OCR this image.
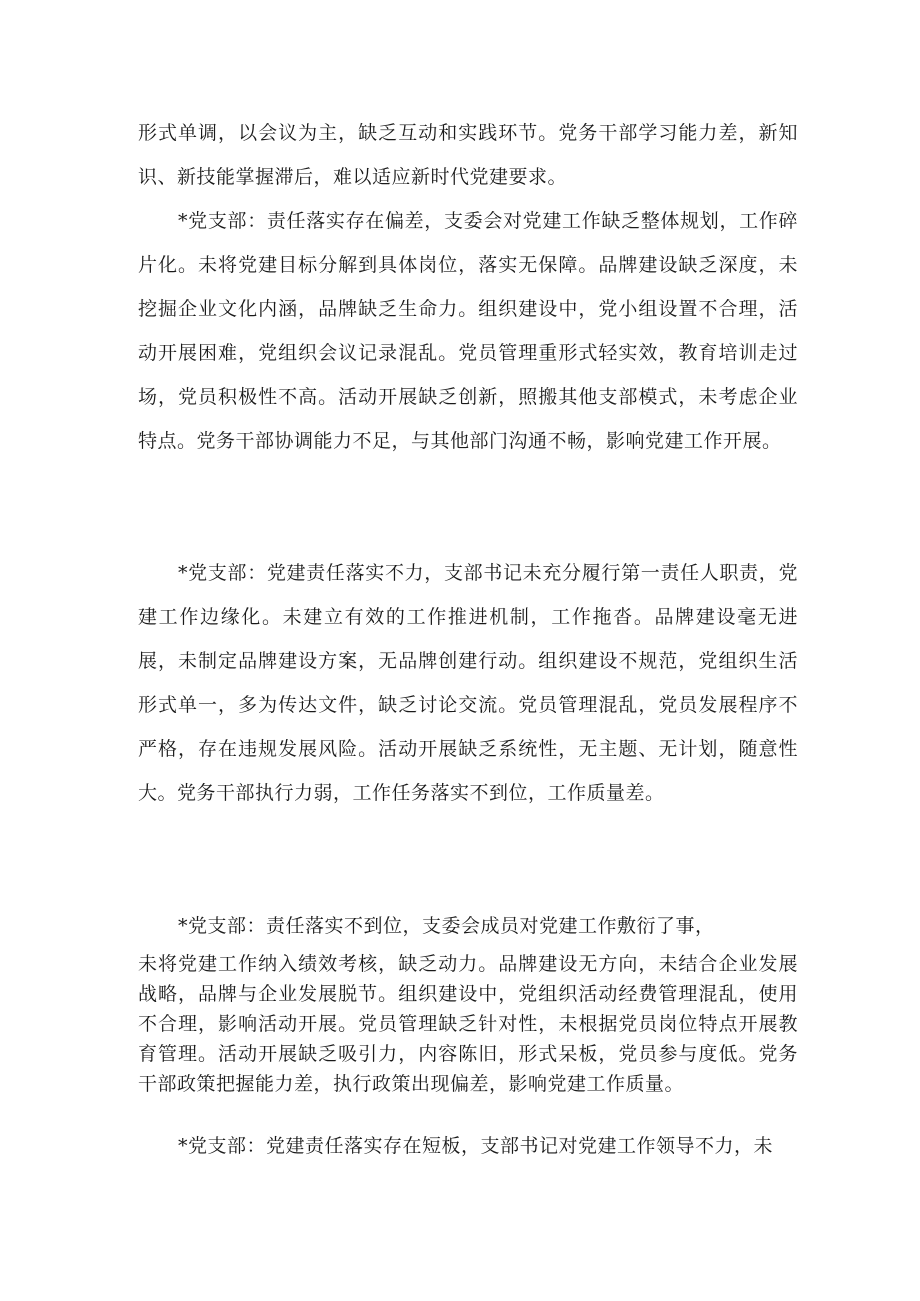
形式单调，以会议为主，缺乏互动和实践环节。党务干部学习能力差，新知识、新技能掌握滞后，难以适应新时代党建要求。

*党支部：责任落实存在偏差，支委会对党建工作缺乏整体规划，工作碎片化。未将党建目标分解到具体岗位，落实无保障。品牌建设缺乏深度，未挖掘企业文化内涵，品牌缺乏生命力。组织建设中，党小组设置不合理，活动开展困难，党组织会议记录混乱。党员管理重形式轻实效，教育培训走过场，党员积极性不高。活动开展缺乏创新，照搬其他支部模式，未考虑企业特点。党务干部协调能力不足，与其他部门沟通不畅，影响党建工作开展。

*党支部：党建责任落实不力，支部书记未充分履行第一责任人职责，党建工作边缘化。未建立有效的工作推进机制，工作拖沓。品牌建设毫无进展，未制定品牌建设方案，无品牌创建行动。组织建设不规范，党组织生活形式单一，多为传达文件，缺乏讨论交流。党员管理混乱，党员发展程序不严格，存在违规发展风险。活动开展缺乏系统性，无主题、无计划，随意性大。党务干部执行力弱，工作任务落实不到位，工作质量差。

*党支部：责任落实不到位，支委会成员对党建工作敷衍了事，

未将党建工作纳入绩效考核，缺乏动力。品牌建设无方向，未结合企业发展战略，品牌与企业发展脱节。组织建设中，党组织活动经费管理混乱，使用不合理，影响活动开展。党员管理缺乏针对性，未根据党员岗位特点开展教育管理。活动开展缺乏吸引力，内容陈旧，形式呆板，党员参与度低。党务干部政策把握能力差，执行政策出现偏差，影响党建工作质量。

*党支部：党建责任落实存在短板，支部书记对党建工作领导不力，未
